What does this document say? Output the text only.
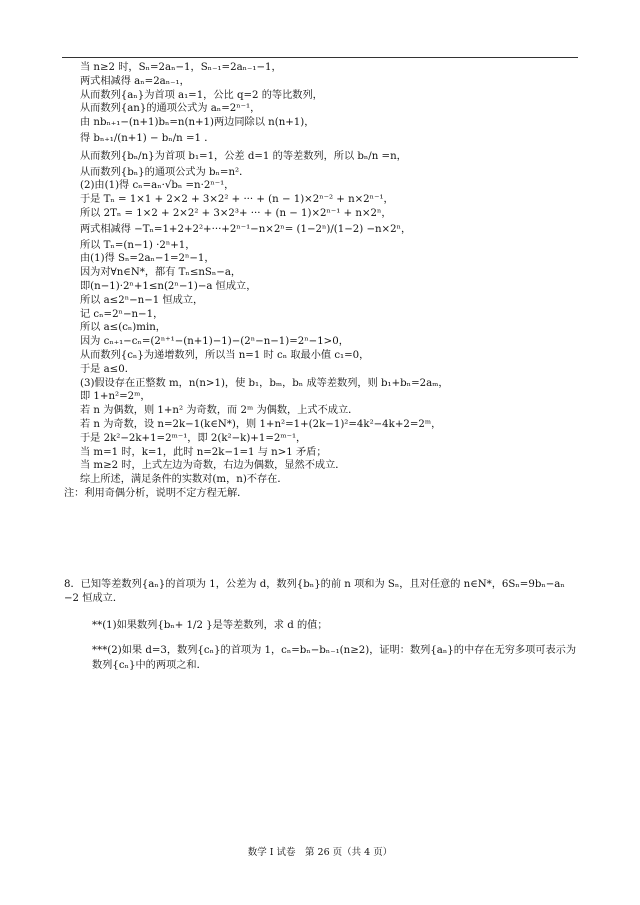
当 n≥2 时，Sₙ=2aₙ−1，Sₙ₋₁=2aₙ₋₁−1，
两式相减得 aₙ=2aₙ₋₁，
从而数列{aₙ}为首项 a₁=1，公比 q=2 的等比数列，
从而数列{an}的通项公式为 aₙ=2ⁿ⁻¹，
由 nbₙ₊₁−(n+1)bₙ=n(n+1)两边同除以 n(n+1)，
得 bₙ₊₁/(n+1) − bₙ/n =1 ．
从而数列{bₙ/n}为首项 b₁=1，公差 d=1 的等差数列，所以 bₙ/n =n，
从而数列{bₙ}的通项公式为 bₙ=n²．
(2)由(1)得 cₙ=aₙ·√bₙ =n·2ⁿ⁻¹，
于是 Tₙ = 1×1 + 2×2 + 3×2² + ··· + (n − 1)×2ⁿ⁻² + n×2ⁿ⁻¹，
所以 2Tₙ = 1×2 + 2×2² + 3×2³+ ··· + (n − 1)×2ⁿ⁻¹ + n×2ⁿ，
两式相减得 −Tₙ=1+2+2²+···+2ⁿ⁻¹−n×2ⁿ= (1−2ⁿ)/(1−2) −n×2ⁿ，
所以 Tₙ=(n−1) ·2ⁿ+1，
由(1)得 Sₙ=2aₙ−1=2ⁿ−1，
因为对∀n∈N*，都有 Tₙ≤nSₙ−a，
即(n−1)·2ⁿ+1≤n(2ⁿ−1)−a 恒成立，
所以 a≤2ⁿ−n−1 恒成立，
记 cₙ=2ⁿ−n−1，
所以 a≤(cₙ)min，
因为 cₙ₊₁−cₙ=(2ⁿ⁺¹−(n+1)−1)−(2ⁿ−n−1)=2ⁿ−1>0，
从而数列{cₙ}为递增数列，所以当 n=1 时 cₙ 取最小值 c₁=0，
于是 a≤0．
(3)假设存在正整数 m，n(n>1)，使 b₁，bₘ，bₙ 成等差数列，则 b₁+bₙ=2aₘ，
即 1+n²=2ᵐ，
若 n 为偶数，则 1+n² 为奇数，而 2ᵐ 为偶数，上式不成立．
若 n 为奇数，设 n=2k−1(k∈N*)，则 1+n²=1+(2k−1)²=4k²−4k+2=2ᵐ，
于是 2k²−2k+1=2ᵐ⁻¹，即 2(k²−k)+1=2ᵐ⁻¹，
当 m=1 时，k=1，此时 n=2k−1=1 与 n>1 矛盾；
当 m≥2 时，上式左边为奇数，右边为偶数，显然不成立．
综上所述，满足条件的实数对(m，n)不存在．
注：利用奇偶分析，说明不定方程无解．
8．已知等差数列{aₙ}的首项为 1，公差为 d，数列{bₙ}的前 n 项和为 Sₙ，且对任意的 n∈N*，6Sₙ=9bₙ−aₙ
−2 恒成立．
**(1)如果数列{bₙ+ 1/2 }是等差数列，求 d 的值；
***(2)如果 d=3，数列{cₙ}的首项为 1，cₙ=bₙ−bₙ₋₁(n≥2)，证明：数列{aₙ}的中存在无穷多项可表示为
数列{cₙ}中的两项之和．
数学 I 试卷　第 26 页（共 4 页）
